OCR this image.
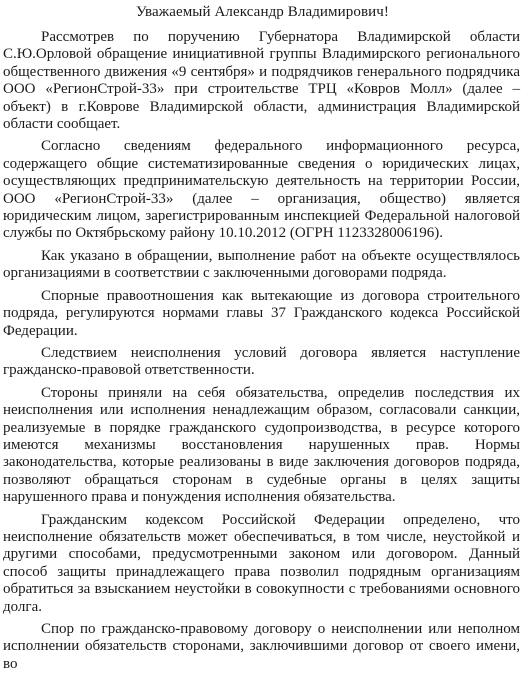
Уважаемый Александр Владимирович!

Рассмотрев по поручению Губернатора Владимирской области С.Ю.Орловой обращение инициативной группы Владимирского регионального общественного движения «9 сентября» и подрядчиков генерального подрядчика ООО «РегионСтрой-33» при строительстве ТРЦ «Ковров Молл» (далее – объект) в г.Коврове Владимирской области, администрация Владимирской области сообщает.

Согласно сведениям федерального информационного ресурса, содержащего общие систематизированные сведения о юридических лицах, осуществляющих предпринимательскую деятельность на территории России, ООО «РегионСтрой-33» (далее – организация, общество) является юридическим лицом, зарегистрированным инспекцией Федеральной налоговой службы по Октябрьскому району 10.10.2012 (ОГРН 1123328006196).

Как указано в обращении, выполнение работ на объекте осуществлялось организациями в соответствии с заключенными договорами подряда.

Спорные правоотношения как вытекающие из договора строительного подряда, регулируются нормами главы 37 Гражданского кодекса Российской Федерации.

Следствием неисполнения условий договора является наступление гражданско-правовой ответственности.

Стороны приняли на себя обязательства, определив последствия их неисполнения или исполнения ненадлежащим образом, согласовали санкции, реализуемые в порядке гражданского судопроизводства, в ресурсе которого имеются механизмы восстановления нарушенных прав. Нормы законодательства, которые реализованы в виде заключения договоров подряда, позволяют обращаться сторонам в судебные органы в целях защиты нарушенного права и понуждения исполнения обязательства.

Гражданским кодексом Российской Федерации определено, что неисполнение обязательств может обеспечиваться, в том числе, неустойкой и другими способами, предусмотренными законом или договором. Данный способ защиты принадлежащего права позволил подрядным организациям обратиться за взысканием неустойки в совокупности с требованиями основного долга.

Спор по гражданско-правовому договору о неисполнении или неполном исполнении обязательств сторонами, заключившими договор от своего имени, во
